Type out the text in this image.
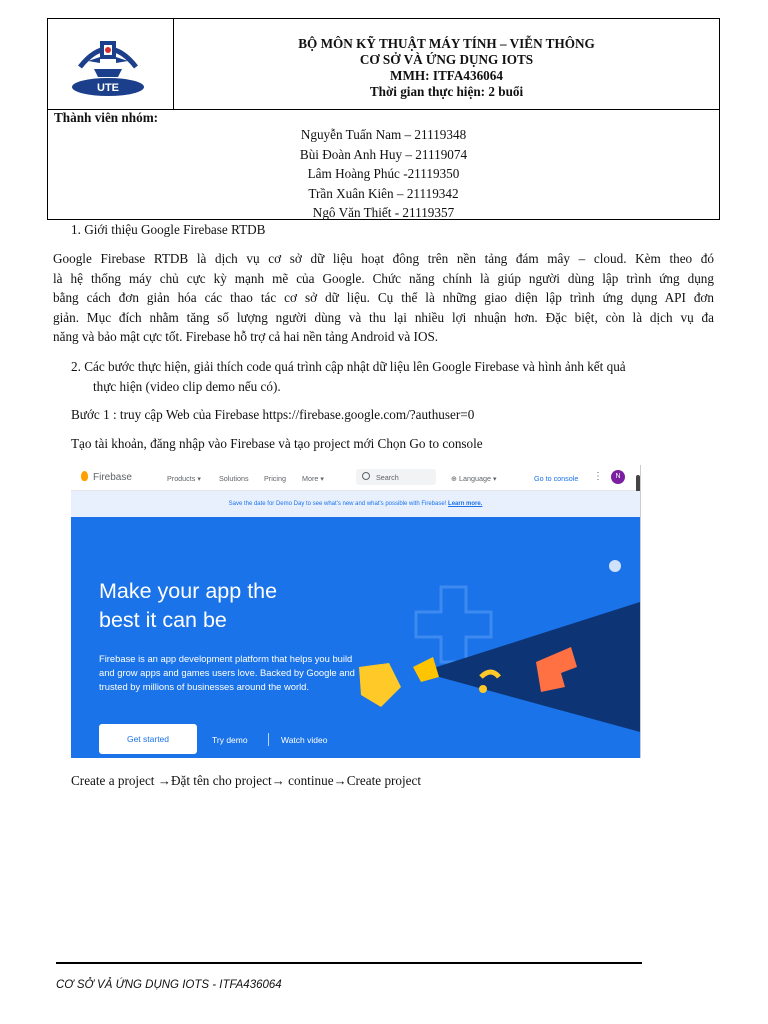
UTE
BỘ MÔN KỸ THUẬT MÁY TÍNH – VIỄN THÔNG
CƠ SỞ VÀ ỨNG DỤNG IOTS
MMH: ITFA436064
Thời gian thực hiện: 2 buổi
Thành viên nhóm:
Nguyễn Tuấn Nam – 21119348
Bùi Đoàn Anh Huy – 21119074
Lâm Hoàng Phúc -21119350
Trần Xuân Kiên – 21119342
Ngô Văn Thiết - 21119357
1. Giới thiệu Google Firebase RTDB
Google Firebase RTDB là dịch vụ cơ sở dữ liệu hoạt đông trên nền tảng đám mây – cloud. Kèm theo đó
là hệ thống máy chủ cực kỳ mạnh mẽ của Google. Chức năng chính là giúp người dùng lập trình ứng dụng
bằng cách đơn giản hóa các thao tác cơ sở dữ liệu. Cụ thể là những giao diện lập trình ứng dụng API đơn
giản. Mục đích nhằm tăng số lượng người dùng và thu lại nhiều lợi nhuận hơn. Đặc biệt, còn là dịch vụ đa
năng và bảo mật cực tốt. Firebase hỗ trợ cả hai nền tảng Android và IOS.
2. Các bước thực hiện, giải thích code quá trình cập nhật dữ liệu lên Google Firebase và hình ảnh kết quả
thực hiện (video clip demo nếu có).
Bước 1 : truy cập Web của Firebase https://firebase.google.com/?authuser=0
Tạo tài khoản, đăng nhập vào Firebase và tạo project mới Chọn Go to console
Firebase	Products ▾	Solutions Pricing More ▾	Search	⊕ Language ▾	Go to console ⋮	N
Save the date for Demo Day to see what's new and what's possible with Firebase! Learn more.
Make your app the
best it can be
Firebase is an app development platform that helps you build and grow apps and games users love. Backed by Google and trusted by millions of businesses around the world.
Get started	Try demo	Watch video
Create a project →Đặt tên cho project→ continue→Create project
CƠ SỞ VẢ ỨNG DỤNG IOTS - ITFA436064
